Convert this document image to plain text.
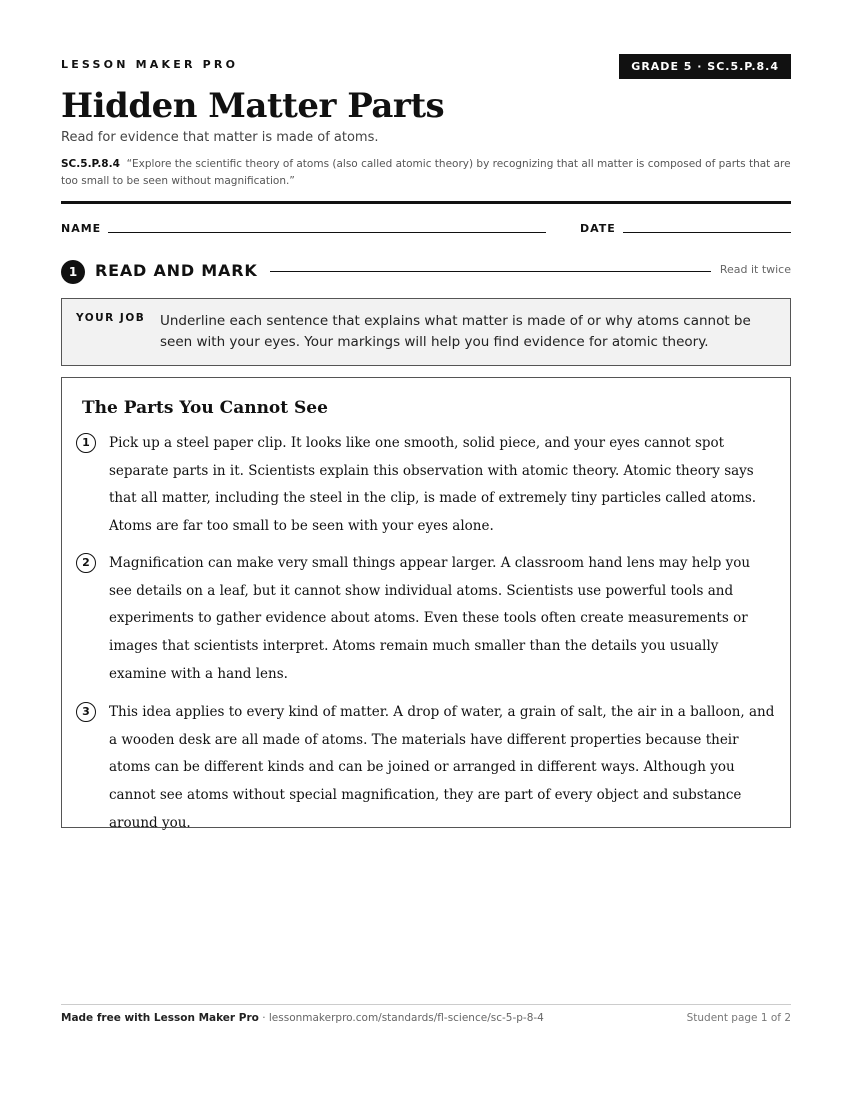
LESSON MAKER PRO	GRADE 5 · SC.5.P.8.4
Hidden Matter Parts
Read for evidence that matter is made of atoms.
SC.5.P.8.4 “Explore the scientific theory of atoms (also called atomic theory) by recognizing that all matter is composed of parts that are too small to be seen without magnification.”
NAME	DATE
1	READ AND MARK	Read it twice
YOUR JOB Underline each sentence that explains what matter is made of or why atoms cannot be seen with your eyes. Your markings will help you find evidence for atomic theory.
The Parts You Cannot See
1	Pick up a steel paper clip. It looks like one smooth, solid piece, and your eyes cannot spot separate parts in it. Scientists explain this observation with atomic theory. Atomic theory says that all matter, including the steel in the clip, is made of extremely tiny particles called atoms. Atoms are far too small to be seen with your eyes alone.
2	Magnification can make very small things appear larger. A classroom hand lens may help you see details on a leaf, but it cannot show individual atoms. Scientists use powerful tools and experiments to gather evidence about atoms. Even these tools often create measurements or images that scientists interpret. Atoms remain much smaller than the details you usually examine with a hand lens.
3	This idea applies to every kind of matter. A drop of water, a grain of salt, the air in a balloon, and a wooden desk are all made of atoms. The materials have different properties because their atoms can be different kinds and can be joined or arranged in different ways. Although you cannot see atoms without special magnification, they are part of every object and substance around you.
Made free with Lesson Maker Pro · lessonmakerpro.com/standards/fl-science/sc-5-p-8-4	Student page 1 of 2
